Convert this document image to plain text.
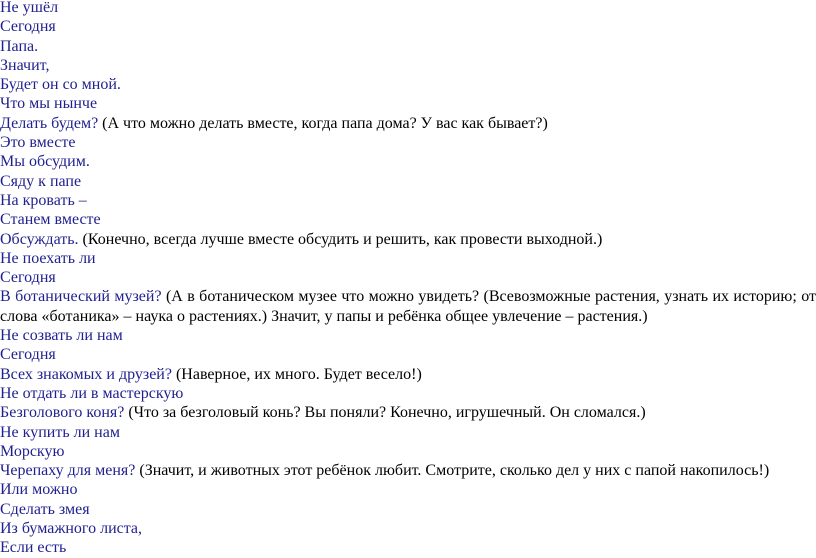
Не ушёл

Сегодня

Папа.

Значит,

Будет он со мной.

Что мы нынче

Делать будем? (А что можно делать вместе, когда папа дома? У вас как бывает?)

Это вместе

Мы обсудим.

Сяду к папе

На кровать –

Станем вместе

Обсуждать. (Конечно, всегда лучше вместе обсудить и решить, как провести выходной.)

Не поехать ли

Сегодня

В ботанический музей? (А в ботаническом музее что можно увидеть? (Всевозможные растения, узнать их историю; от слова «ботаника» – наука о растениях.) Значит, у папы и ребёнка общее увлечение – растения.)

Не созвать ли нам

Сегодня

Всех знакомых и друзей? (Наверное, их много. Будет весело!)

Не отдать ли в мастерскую

Безголового коня? (Что за безголовый конь? Вы поняли? Конечно, игрушечный. Он сломался.)

Не купить ли нам

Морскую

Черепаху для меня? (Значит, и животных этот ребёнок любит. Смотрите, сколько дел у них с папой накопилось!)

Или можно

Сделать змея

Из бумажного листа,

Если есть
